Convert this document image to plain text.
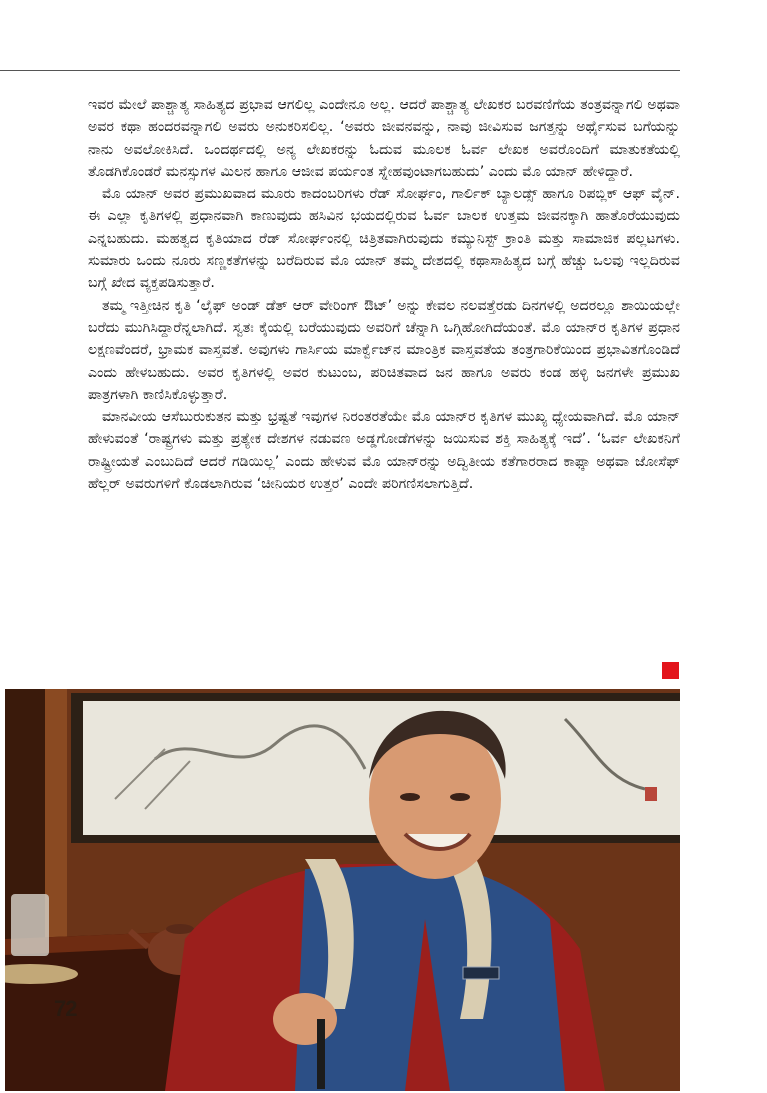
ಇವರ ಮೇಲೆ ಪಾಶ್ಚಾತ್ಯ ಸಾಹಿತ್ಯದ ಪ್ರಭಾವ ಆಗಲಿಲ್ಲ ಎಂದೇನೂ ಅಲ್ಲ. ಆದರೆ ಪಾಶ್ಚಾತ್ಯ ಲೇಖಕರ ಬರವಣಿಗೆಯ ತಂತ್ರವನ್ನಾಗಲಿ ಅಥವಾ ಅವರ ಕಥಾ ಹಂದರವನ್ನಾಗಲಿ ಅವರು ಅನುಕರಿಸಲಿಲ್ಲ. ‘ಅವರು ಜೀವನವನ್ನು, ನಾವು ಜೀವಿಸುವ ಜಗತ್ತನ್ನು ಅರ್ಥೈಸುವ ಬಗೆಯನ್ನು ನಾನು ಅವಲೋಕಿಸಿದೆ. ಒಂದರ್ಥದಲ್ಲಿ ಅನ್ಯ ಲೇಖಕರನ್ನು ಓದುವ ಮೂಲಕ ಓರ್ವ ಲೇಖಕ ಅವರೊಂದಿಗೆ ಮಾತುಕತೆಯಲ್ಲಿ ತೊಡಗಿಕೊಂಡರೆ ಮನಸ್ಸುಗಳ ಮಿಲನ ಹಾಗೂ ಆಜೀವ ಪರ್ಯಂತ ಸ್ನೇಹವುಂಟಾಗಬಹುದು’ ಎಂದು ಮೊ ಯಾನ್ ಹೇಳಿದ್ದಾರೆ.

ಮೊ ಯಾನ್ ಅವರ ಪ್ರಮುಖವಾದ ಮೂರು ಕಾದಂಬರಿಗಳು ರೆಡ್ ಸೋರ್ಘಂ, ಗಾರ್ಲಿಕ್ ಬ್ಯಾಲಡ್ಸ್ ಹಾಗೂ ರಿಪಬ್ಲಿಕ್ ಆಫ್ ವೈನ್. ಈ ಎಲ್ಲಾ ಕೃತಿಗಳಲ್ಲಿ ಪ್ರಧಾನವಾಗಿ ಕಾಣುವುದು ಹಸಿವಿನ ಭಯದಲ್ಲಿರುವ ಓರ್ವ ಬಾಲಕ ಉತ್ತಮ ಜೀವನಕ್ಕಾಗಿ ಹಾತೊರೆಯುವುದು ಎನ್ನಬಹುದು. ಮಹತ್ವದ ಕೃತಿಯಾದ ರೆಡ್ ಸೋರ್ಘಂನಲ್ಲಿ ಚಿತ್ರಿತವಾಗಿರುವುದು ಕಮ್ಯುನಿಸ್ಟ್ ಕ್ರಾಂತಿ ಮತ್ತು ಸಾಮಾಜಿಕ ಪಲ್ಲಟಗಳು. ಸುಮಾರು ಒಂದು ನೂರು ಸಣ್ಣಕತೆಗಳನ್ನು ಬರೆದಿರುವ ಮೊ ಯಾನ್ ತಮ್ಮ ದೇಶದಲ್ಲಿ ಕಥಾಸಾಹಿತ್ಯದ ಬಗ್ಗೆ ಹೆಚ್ಚು ಒಲವು ಇಲ್ಲದಿರುವ ಬಗ್ಗೆ ಖೇದ ವ್ಯಕ್ತಪಡಿಸುತ್ತಾರೆ.

ತಮ್ಮ ಇತ್ತೀಚಿನ ಕೃತಿ ‘ಲೈಫ್ ಅಂಡ್ ಡೆತ್ ಆರ್ ವೇರಿಂಗ್ ಔಟ್’ ಅನ್ನು ಕೇವಲ ನಲವತ್ತೆರಡು ದಿನಗಳಲ್ಲಿ ಅದರಲ್ಲೂ ಶಾಯಿಯಲ್ಲೇ ಬರೆದು ಮುಗಿಸಿದ್ದಾರೆನ್ನಲಾಗಿದೆ. ಸ್ವತಃ ಕೈಯಲ್ಲಿ ಬರೆಯುವುದು ಅವರಿಗೆ ಚೆನ್ನಾಗಿ ಒಗ್ಗಿಹೋಗಿದೆಯಂತೆ. ಮೊ ಯಾನ್‌ರ ಕೃತಿಗಳ ಪ್ರಧಾನ ಲಕ್ಷಣವೆಂದರೆ, ಭ್ರಾಮಕ ವಾಸ್ತವತೆ. ಅವುಗಳು ಗಾರ್ಸಿಯ ಮಾರ್ಕ್ವೆಜ್‌ನ ಮಾಂತ್ರಿಕ ವಾಸ್ತವತೆಯ ತಂತ್ರಗಾರಿಕೆಯಿಂದ ಪ್ರಭಾವಿತಗೊಂಡಿದೆ ಎಂದು ಹೇಳಬಹುದು. ಅವರ ಕೃತಿಗಳಲ್ಲಿ ಅವರ ಕುಟುಂಬ, ಪರಿಚಿತವಾದ ಜನ ಹಾಗೂ ಅವರು ಕಂಡ ಹಳ್ಳಿ ಜನಗಳೇ ಪ್ರಮುಖ ಪಾತ್ರಗಳಾಗಿ ಕಾಣಿಸಿಕೊಳ್ಳುತ್ತಾರೆ.

ಮಾನವೀಯ ಆಸೆಬುರುಕುತನ ಮತ್ತು ಭ್ರಷ್ಟತೆ ಇವುಗಳ ನಿರಂತರತೆಯೇ ಮೊ ಯಾನ್‌ರ ಕೃತಿಗಳ ಮುಖ್ಯ ಧ್ಯೇಯವಾಗಿದೆ. ಮೊ ಯಾನ್ ಹೇಳುವಂತೆ ‘ರಾಷ್ಟ್ರಗಳು ಮತ್ತು ಪ್ರತ್ಯೇಕ ದೇಶಗಳ ನಡುವಣ ಅಡ್ಡಗೋಡೆಗಳನ್ನು ಜಯಿಸುವ ಶಕ್ತಿ ಸಾಹಿತ್ಯಕ್ಕೆ ಇದೆ’. ‘ಓರ್ವ ಲೇಖಕನಿಗೆ ರಾಷ್ಟ್ರೀಯತೆ ಎಂಬುದಿದೆ ಆದರೆ ಗಡಿಯಿಲ್ಲ’ ಎಂದು ಹೇಳುವ ಮೊ ಯಾನ್‌ರನ್ನು ಅದ್ವಿತೀಯ ಕತೆಗಾರರಾದ ಕಾಫ್ಕಾ ಅಥವಾ ಜೋಸೆಫ್ ಹೆಲ್ಲರ್ ಅವರುಗಳಿಗೆ ಕೊಡಲಾಗಿರುವ ‘ಚೀನಿಯರ ಉತ್ತರ’ ಎಂದೇ ಪರಿಗಣಿಸಲಾಗುತ್ತಿದೆ.

72
